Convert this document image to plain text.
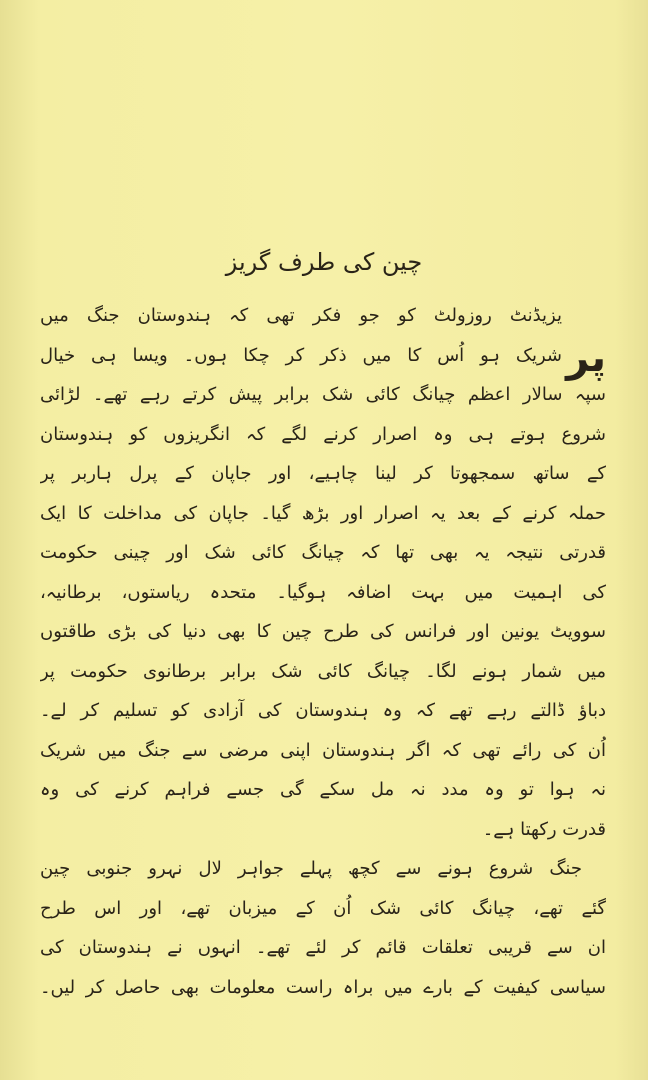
چین کی طرف گریز
پر
یزیڈنٹ روزولٹ کو جو فکر تھی کہ ہندوستان جنگ میں
شریک ہو اُس کا میں ذکر کر چکا ہوں۔ ویسا ہی خیال
سپہ سالار اعظم چیانگ کائی شک برابر پیش کرتے رہے تھے۔ لڑائی
شروع ہوتے ہی وہ اصرار کرنے لگے کہ انگریزوں کو ہندوستان
کے ساتھ سمجھوتا کر لینا چاہیے، اور جاپان کے پرل ہاربر پر
حملہ کرنے کے بعد یہ اصرار اور بڑھ گیا۔ جاپان کی مداخلت کا ایک
قدرتی نتیجہ یہ بھی تھا کہ چیانگ کائی شک اور چینی حکومت
کی اہمیت میں بہت اضافہ ہوگیا۔ متحدہ ریاستوں، برطانیہ،
سوویٹ یونین اور فرانس کی طرح چین کا بھی دنیا کی بڑی طاقتوں
میں شمار ہونے لگا۔ چیانگ کائی شک برابر برطانوی حکومت پر
دباؤ ڈالتے رہے تھے کہ وہ ہندوستان کی آزادی کو تسلیم کر لے۔
اُن کی رائے تھی کہ اگر ہندوستان اپنی مرضی سے جنگ میں شریک
نہ ہوا تو وہ مدد نہ مل سکے گی جسے فراہم کرنے کی وہ
قدرت رکھتا ہے۔
جنگ شروع ہونے سے کچھ پہلے جواہر لال نہرو جنوبی چین
گئے تھے، چیانگ کائی شک اُن کے میزبان تھے، اور اس طرح
ان سے قریبی تعلقات قائم کر لئے تھے۔ انہوں نے ہندوستان کی
سیاسی کیفیت کے بارے میں براہ راست معلومات بھی حاصل کر لیں۔
